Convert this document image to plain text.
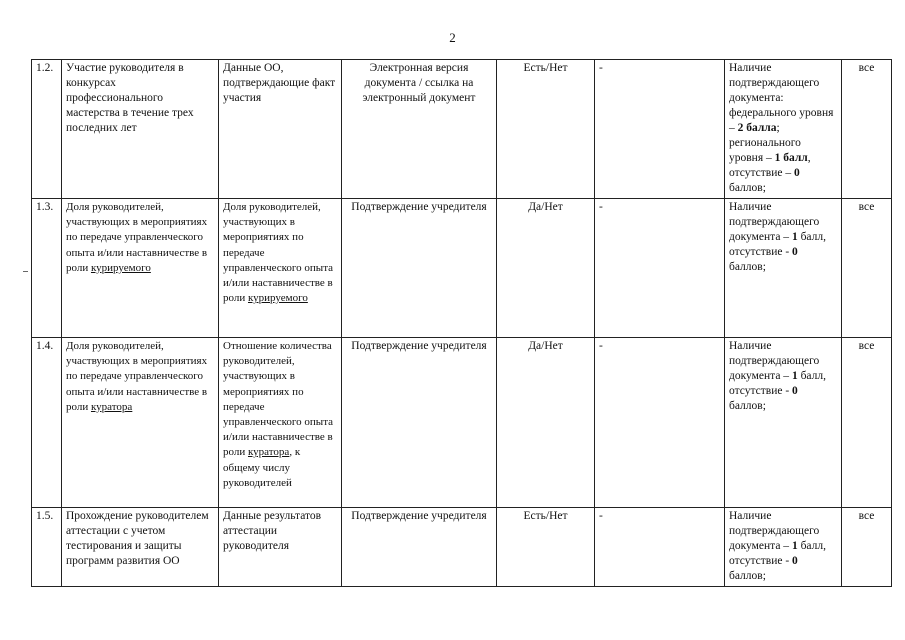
2
1.2.	Участие руководителя в конкурсах профессионального мастерства в течение трех последних лет	Данные ОО, подтверждающие факт участия	Электронная версия документа / ссылка на электронный документ	Есть/Нет	-	Наличие подтверждающего документа: федерального уровня – 2 балла; регионального уровня – 1 балл, отсутствие – 0 баллов;	все
1.3.	Доля руководителей, участвующих в мероприятиях по передаче управленческого опыта и/или наставничестве в роли курируемого	Доля руководителей, участвующих в мероприятиях по передаче управленческого опыта и/или наставничестве в роли курируемого	Подтверждение учредителя	Да/Нет	-	Наличие подтверждающего документа – 1 балл, отсутствие - 0 баллов;	все
1.4.	Доля руководителей, участвующих в мероприятиях по передаче управленческого опыта и/или наставничестве в роли куратора	Отношение количества руководителей, участвующих в мероприятиях по передаче управленческого опыта и/или наставничестве в роли куратора, к общему числу руководителей	Подтверждение учредителя	Да/Нет	-	Наличие подтверждающего документа – 1 балл, отсутствие - 0 баллов;	все
1.5.	Прохождение руководителем аттестации с учетом тестирования и защиты программ развития ОО	Данные результатов аттестации руководителя	Подтверждение учредителя	Есть/Нет	-	Наличие подтверждающего документа – 1 балл, отсутствие - 0 баллов;	все
